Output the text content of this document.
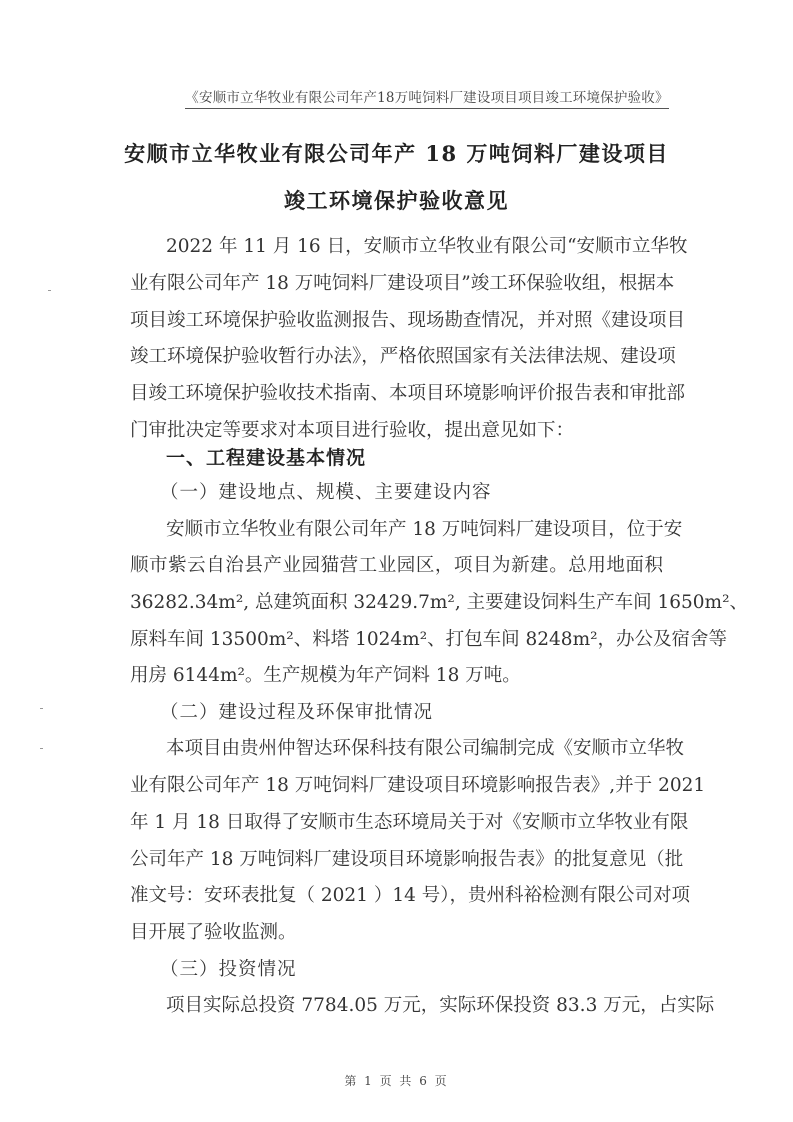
《安顺市立华牧业有限公司年产18万吨饲料厂建设项目项目竣工环境保护验收》
安顺市立华牧业有限公司年产 18 万吨饲料厂建设项目
竣工环境保护验收意见
2022 年 11 月 16 日，安顺市立华牧业有限公司“安顺市立华牧
业有限公司年产 18 万吨饲料厂建设项目”竣工环保验收组，根据本
项目竣工环境保护验收监测报告、现场勘查情况，并对照《建设项目
竣工环境保护验收暂行办法》，严格依照国家有关法律法规、建设项
目竣工环境保护验收技术指南、本项目环境影响评价报告表和审批部
门审批决定等要求对本项目进行验收，提出意见如下：
一、工程建设基本情况
（一）建设地点、规模、主要建设内容
安顺市立华牧业有限公司年产 18 万吨饲料厂建设项目，位于安
顺市紫云自治县产业园猫营工业园区，项目为新建。总用地面积
36282.34m², 总建筑面积 32429.7m², 主要建设饲料生产车间 1650m²、
原料车间 13500m²、料塔 1024m²、打包车间 8248m²，办公及宿舍等
用房 6144m²。生产规模为年产饲料 18 万吨。
（二）建设过程及环保审批情况
本项目由贵州仲智达环保科技有限公司编制完成《安顺市立华牧
业有限公司年产 18 万吨饲料厂建设项目环境影响报告表》,并于 2021
年 1 月 18 日取得了安顺市生态环境局关于对《安顺市立华牧业有限
公司年产 18 万吨饲料厂建设项目环境影响报告表》的批复意见（批
准文号：安环表批复（ 2021 ）14 号），贵州科裕检测有限公司对项
目开展了验收监测。
（三）投资情况
项目实际总投资 7784.05 万元，实际环保投资 83.3 万元，占实际
第 1 页 共 6 页
